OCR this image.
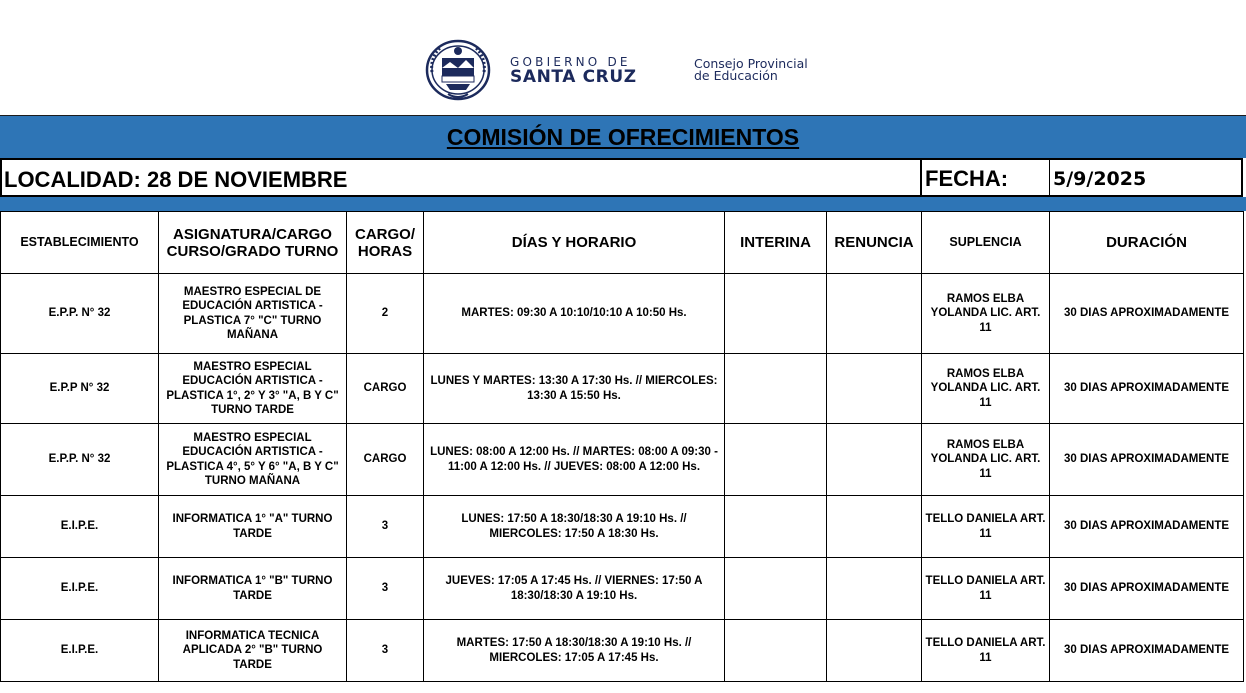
GOBIERNO DE
SANTA CRUZ
Consejo Provincial
de Educación
COMISIÓN DE OFRECIMIENTOS
LOCALIDAD: 28 DE NOVIEMBRE	FECHA: 5/9/2025
ESTABLECIMIENTO	ASIGNATURA/CARGO CURSO/GRADO TURNO	CARGO/ HORAS	DÍAS Y HORARIO	INTERINA	RENUNCIA	SUPLENCIA	DURACIÓN
E.P.P. N° 32	MAESTRO ESPECIAL DE EDUCACIÓN ARTISTICA - PLASTICA 7° "C" TURNO MAÑANA	2	MARTES: 09:30 A 10:10/10:10 A 10:50 Hs.			RAMOS ELBA YOLANDA LIC. ART. 11	30 DIAS APROXIMADAMENTE
E.P.P N° 32	MAESTRO ESPECIAL EDUCACIÓN ARTISTICA - PLASTICA 1°, 2° Y 3° "A, B Y C" TURNO TARDE	CARGO	LUNES Y MARTES: 13:30 A 17:30 Hs. // MIERCOLES: 13:30 A 15:50 Hs.			RAMOS ELBA YOLANDA LIC. ART. 11	30 DIAS APROXIMADAMENTE
E.P.P. N° 32	MAESTRO ESPECIAL EDUCACIÓN ARTISTICA - PLASTICA 4°, 5° Y 6° "A, B Y C" TURNO MAÑANA	CARGO	LUNES: 08:00 A 12:00 Hs. // MARTES: 08:00 A 09:30 - 11:00 A 12:00 Hs. // JUEVES: 08:00 A 12:00 Hs.			RAMOS ELBA YOLANDA LIC. ART. 11	30 DIAS APROXIMADAMENTE
E.I.P.E.	INFORMATICA 1° "A" TURNO TARDE	3	LUNES: 17:50 A 18:30/18:30 A 19:10 Hs. // MIERCOLES: 17:50 A 18:30 Hs.			TELLO DANIELA ART. 11	30 DIAS APROXIMADAMENTE
E.I.P.E.	INFORMATICA 1° "B" TURNO TARDE	3	JUEVES: 17:05 A 17:45 Hs. // VIERNES: 17:50 A 18:30/18:30 A 19:10 Hs.			TELLO DANIELA ART. 11	30 DIAS APROXIMADAMENTE
E.I.P.E.	INFORMATICA TECNICA APLICADA 2° "B" TURNO TARDE	3	MARTES: 17:50 A 18:30/18:30 A 19:10 Hs. // MIERCOLES: 17:05 A 17:45 Hs.			TELLO DANIELA ART. 11	30 DIAS APROXIMADAMENTE
